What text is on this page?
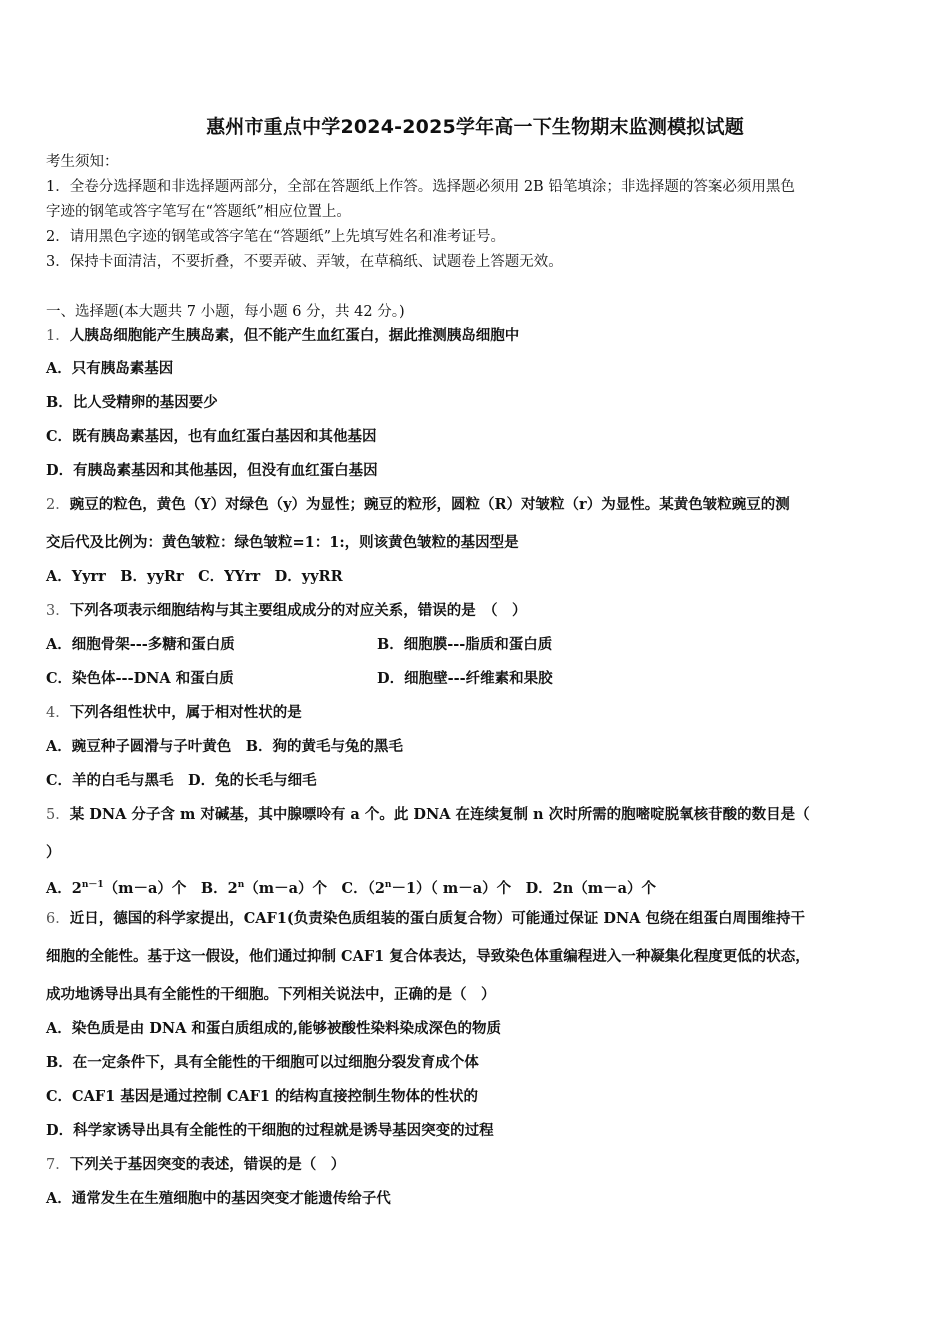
惠州市重点中学2024-2025学年高一下生物期末监测模拟试题
考生须知：
1．全卷分选择题和非选择题两部分，全部在答题纸上作答。选择题必须用 2B 铅笔填涂；非选择题的答案必须用黑色
字迹的钢笔或答字笔写在“答题纸”相应位置上。
2．请用黑色字迹的钢笔或答字笔在“答题纸”上先填写姓名和准考证号。
3．保持卡面清洁，不要折叠，不要弄破、弄皱，在草稿纸、试题卷上答题无效。
一、选择题(本大题共 7 小题，每小题 6 分，共 42 分。)
1．人胰岛细胞能产生胰岛素，但不能产生血红蛋白，据此推测胰岛细胞中
A．只有胰岛素基因
B．比人受精卵的基因要少
C．既有胰岛素基因，也有血红蛋白基因和其他基因
D．有胰岛素基因和其他基因，但没有血红蛋白基因
2．豌豆的粒色，黄色（Y）对绿色（y）为显性；豌豆的粒形，圆粒（R）对皱粒（r）为显性。某黄色皱粒豌豆的测
交后代及比例为：黄色皱粒：绿色皱粒=1：1:，则该黄色皱粒的基因型是
A．Yyrr　B．yyRr　C．YYrr　D．yyRR
3．下列各项表示细胞结构与其主要组成成分的对应关系，错误的是　（　）
A．细胞骨架---多糖和蛋白质	B．细胞膜---脂质和蛋白质
C．染色体---DNA 和蛋白质	D．细胞壁---纤维素和果胶
4．下列各组性状中，属于相对性状的是
A．豌豆种子圆滑与子叶黄色　B．狗的黄毛与兔的黑毛
C．羊的白毛与黑毛　D．兔的长毛与细毛
5．某 DNA 分子含 m 对碱基，其中腺嘌呤有 a 个。此 DNA 在连续复制 n 次时所需的胞嘧啶脱氧核苷酸的数目是（
）
A．$2^{n-1}(m-a)$个　B．$2^n(m-a)$个　C．$(2^n-1)$（ m－a）个　D．2n（m－a）个
6．近日，德国的科学家提出，CAF1(负责染色质组装的蛋白质复合物）可能通过保证 DNA 包绕在组蛋白周围维持干
细胞的全能性。基于这一假设，他们通过抑制 CAF1 复合体表达，导致染色体重编程进入一种凝集化程度更低的状态，
成功地诱导出具有全能性的干细胞。下列相关说法中，正确的是（　）
A．染色质是由 DNA 和蛋白质组成的,能够被酸性染料染成深色的物质
B．在一定条件下，具有全能性的干细胞可以过细胞分裂发育成个体
C．CAF1 基因是通过控制 CAF1 的结构直接控制生物体的性状的
D．科学家诱导出具有全能性的干细胞的过程就是诱导基因突变的过程
7．下列关于基因突变的表述，错误的是（　）
A．通常发生在生殖细胞中的基因突变才能遗传给子代
